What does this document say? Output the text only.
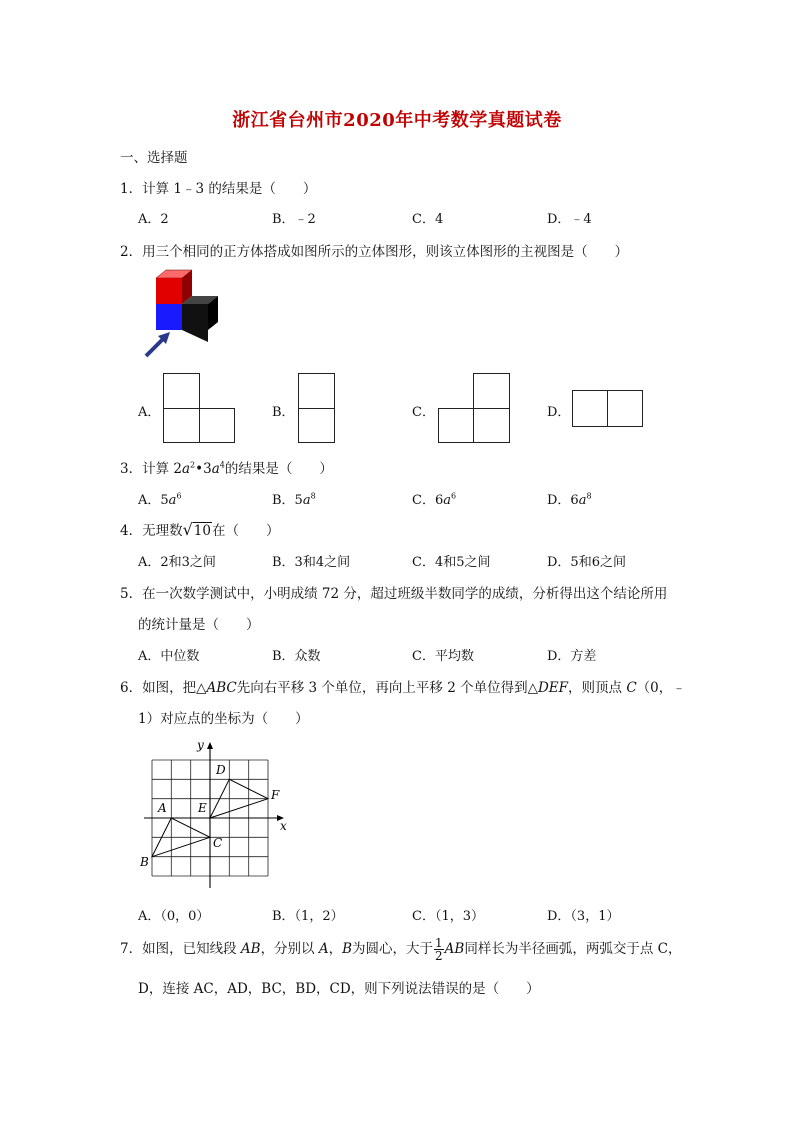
浙江省台州市2020年中考数学真题试卷
一、选择题
1．计算 1﹣3 的结果是（　　）
A．2	B．﹣2	C．4	D．﹣4
2．用三个相同的正方体搭成如图所示的立体图形，则该立体图形的主视图是（　　）
A．	B．	C．	D．
3．计算 $2a^2•3a^4$的结果是（　　）
A．$5a^6$	B．$5a^8$	C．$6a^6$	D．$6a^8$
4．无理数√10在（　　）
A．2和3之间	B．3和4之间	C．4和5之间	D．5和6之间
5．在一次数学测试中，小明成绩 72 分，超过班级半数同学的成绩，分析得出这个结论所用
的统计量是（　　）
A．中位数	B．众数	C．平均数	D．方差
6．如图，把△ABC先向右平移 3 个单位，再向上平移 2 个单位得到△DEF，则顶点 C（0，﹣
1）对应点的坐标为（　　）
y
x
D
A	E
F
B
C
A．（0，0）	B．（1，2）	C．（1，3）	D．（3，1）
7．如图，已知线段 AB，分别以 A，B为圆心，大于 $\frac{1}{2}$ AB同样长为半径画弧，两弧交于点 C，
D，连接 AC，AD，BC，BD，CD，则下列说法错误的是（　　）
